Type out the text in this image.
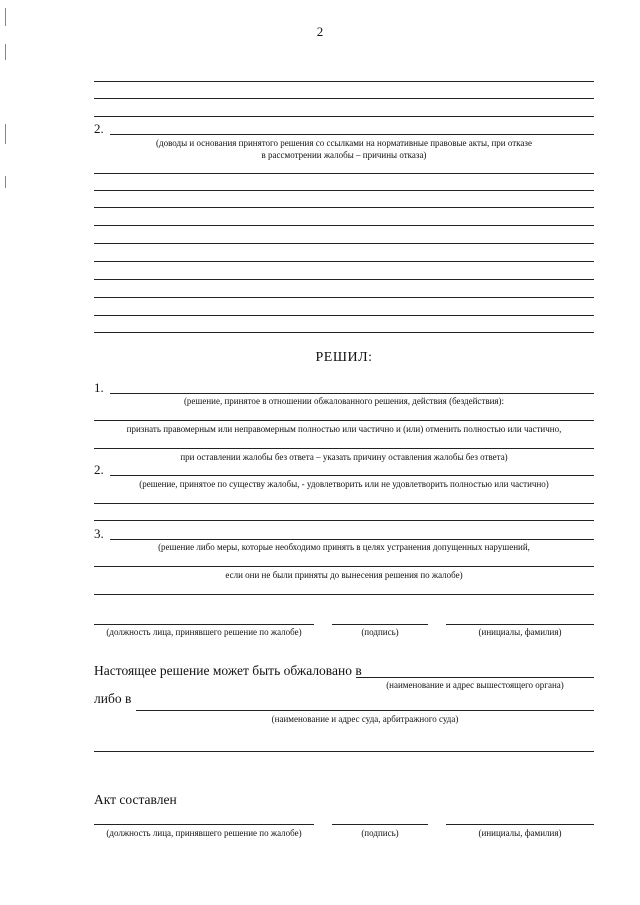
2
2.
(доводы и основания принятого решения со ссылками на нормативные правовые акты, при отказе
в рассмотрении жалобы – причины отказа)
РЕШИЛ:
1.
(решение, принятое в отношении обжалованного решения, действия (бездействия):
признать правомерным или неправомерным полностью или частично и (или) отменить полностью или частично,
при оставлении жалобы без ответа – указать причину оставления жалобы без ответа)
2.
(решение, принятое по существу жалобы, - удовлетворить или не удовлетворить полностью или частично)
3.
(решение либо меры, которые необходимо принять в целях устранения допущенных нарушений,
если они не были приняты до вынесения решения по жалобе)
(должность лица, принявшего решение по жалобе)	(подпись)	(инициалы, фамилия)
Настоящее решение может быть обжаловано в
(наименование и адрес вышестоящего органа)
либо в
(наименование и адрес суда, арбитражного суда)
Акт составлен
(должность лица, принявшего решение по жалобе)	(подпись)	(инициалы, фамилия)
